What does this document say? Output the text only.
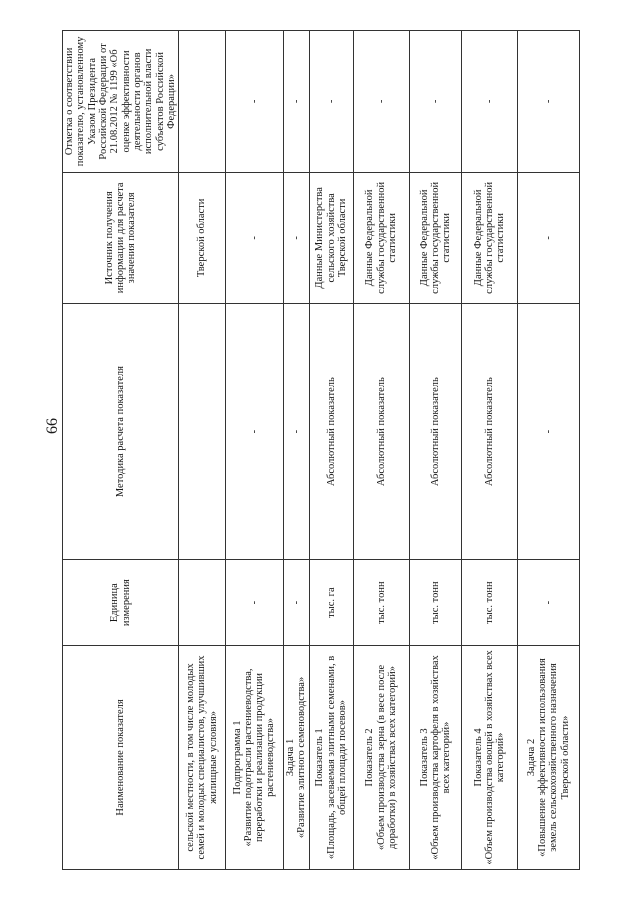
66
Наименование показателя	Единица измерения	Методика расчета показателя	Источник получения информации для расчета значения показателя	Отметка о соответствии показателю, установленному Указом Президента Российской Федерации от 21.08.2012 № 1199 «Об оценке эффективности деятельности органов исполнительной власти субъектов Российской Федерации»

сельской местности, в том числе молодых семей и молодых специалистов, улучшивших жилищные условия»			Тверской области	

Подпрограмма 1 «Развитие подотрасли растениеводства, переработки и реализации продукции растениеводства»	-	-	-	-

Задача 1 «Развитие элитного семеноводства»	-	-	-	-

Показатель 1 «Площадь, засеваемая элитными семенами, в общей площади посевов»	тыс. га	Абсолютный показатель	Данные Министерства сельского хозяйства Тверской области	-

Показатель 2 «Объем производства зерна (в весе после доработки) в хозяйствах всех категорий»	тыс. тонн	Абсолютный показатель	Данные Федеральной службы государственной статистики	-

Показатель 3 «Объем производства картофеля в хозяйствах всех категорий»	тыс. тонн	Абсолютный показатель	Данные Федеральной службы государственной статистики	-

Показатель 4 «Объем производства овощей в хозяйствах всех категорий»	тыс. тонн	Абсолютный показатель	Данные Федеральной службы государственной статистики	-

Задача 2 «Повышение эффективности использования земель сельскохозяйственного назначения Тверской области»	-	-	-	-
